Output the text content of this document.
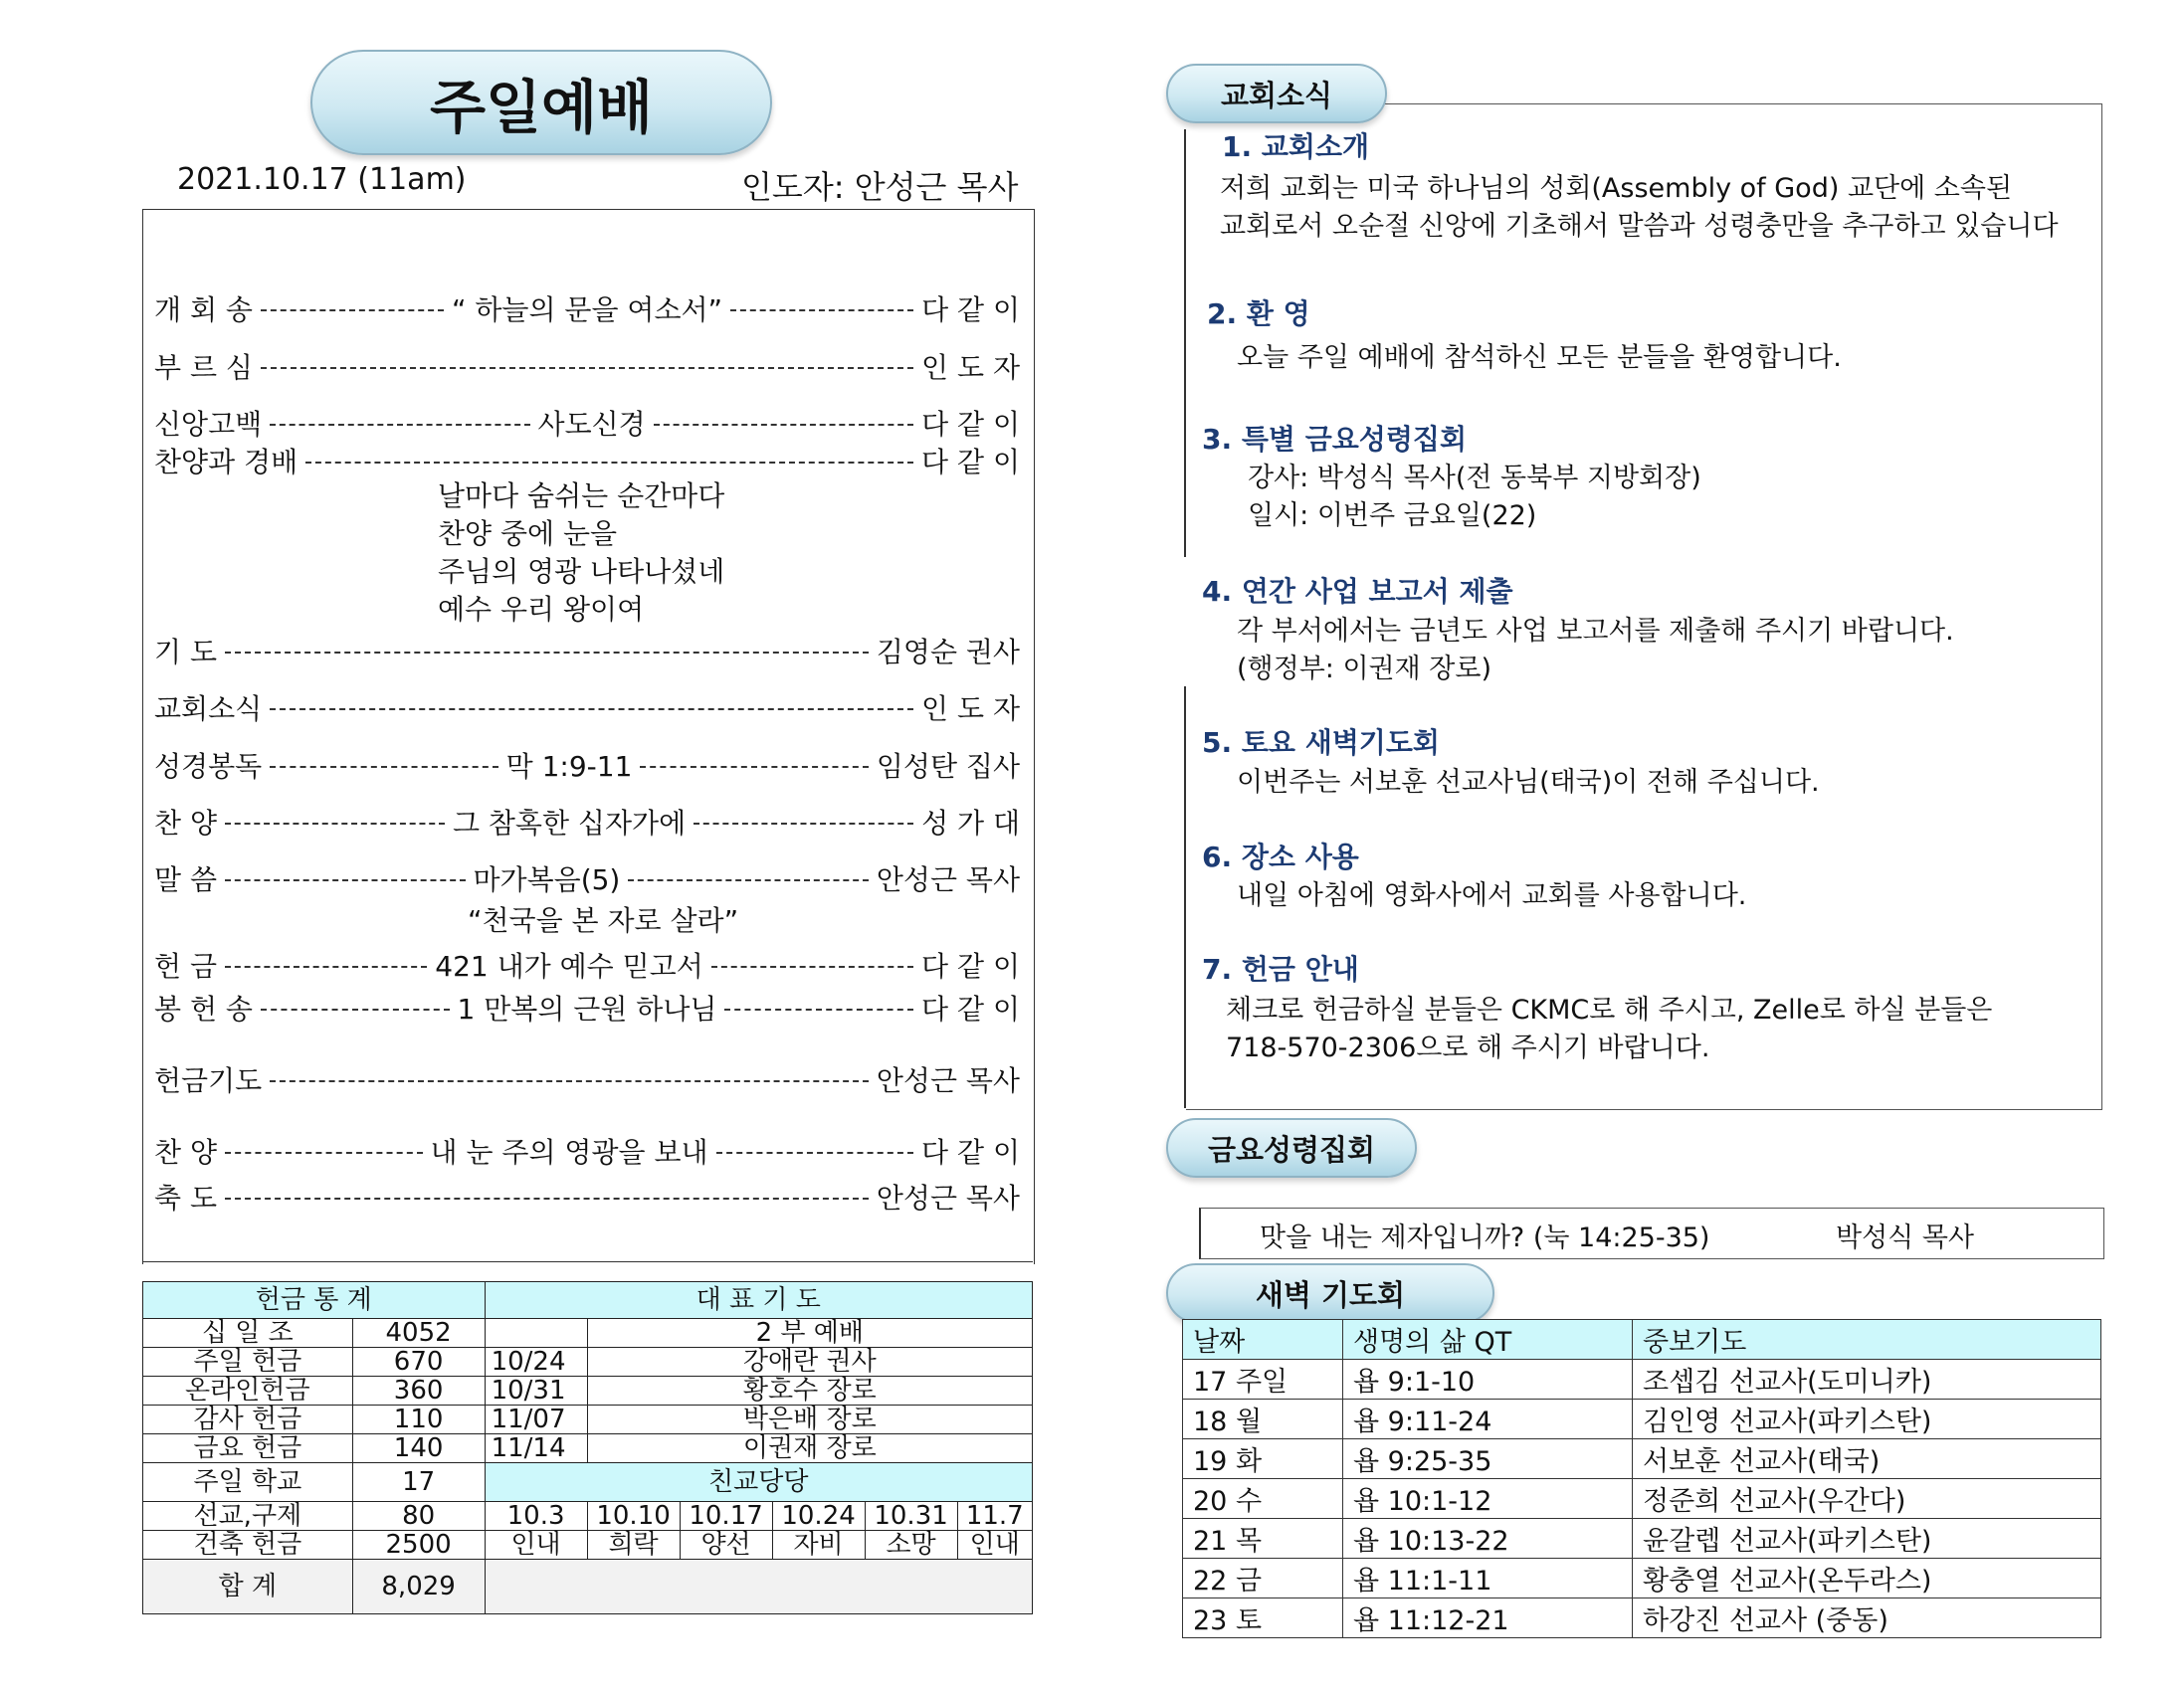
주일예배
2021.10.17 (11am)	인도자: 안성근 목사
개 회 송	“ 하늘의 문을 여소서”	다 같 이
부 르 심	인 도 자
신앙고백	사도신경	다 같 이
찬양과 경배	다 같 이
날마다 숨쉬는 순간마다
찬양 중에 눈을
주님의 영광 나타나셨네
예수 우리 왕이여
기 도	김영순 권사
교회소식	인 도 자
성경봉독	막 1:9-11	임성탄 집사
찬 양	그 참혹한 십자가에	성 가 대
말 씀	마가복음(5)	안성근 목사
“천국을 본 자로 살라”
헌 금	421 내가 예수 믿고서	다 같 이
봉 헌 송	1 만복의 근원 하나님	다 같 이
헌금기도	안성근 목사
찬 양	내 눈 주의 영광을 보내	다 같 이
축 도	안성근 목사
헌금 통 계		대 표 기 도					
십 일 조	4052		2 부 예배				
주일 헌금	670	10/24	강애란 권사				
온라인헌금	360	10/31	황호수 장로				
감사 헌금	110	11/07	박은배 장로				
금요 헌금	140	11/14	이권재 장로				
주일 학교	17	친교당당					
선교,구제	80	10.3	10.10	10.17	10.24	10.31	11.7
건축 헌금	2500	인내	희락	양선	자비	소망	인내
합 계	8,029						
교회소식
1. 교회소개
저희 교회는 미국 하나님의 성회(Assembly of God) 교단에 소속된
교회로서 오순절 신앙에 기초해서 말씀과 성령충만을 추구하고 있습니다
2. 환 영
오늘 주일 예배에 참석하신 모든 분들을 환영합니다.
3. 특별 금요성령집회
강사: 박성식 목사(전 동북부 지방회장)
일시: 이번주 금요일(22)
4. 연간 사업 보고서 제출
각 부서에서는 금년도 사업 보고서를 제출해 주시기 바랍니다.
(행정부: 이권재 장로)
5. 토요 새벽기도회
이번주는 서보훈 선교사님(태국)이 전해 주십니다.
6. 장소 사용
내일 아침에 영화사에서 교회를 사용합니다.
7. 헌금 안내
체크로 헌금하실 분들은 CKMC로 해 주시고, Zelle로 하실 분들은
718-570-2306으로 해 주시기 바랍니다.
금요성령집회
맛을 내는 제자입니까? (눅 14:25-35)	박성식 목사
새벽 기도회
날짜	생명의 삶 QT	중보기도
17 주일	욥 9:1-10	조셉김 선교사(도미니카)
18 월	욥 9:11-24	김인영 선교사(파키스탄)
19 화	욥 9:25-35	서보훈 선교사(태국)
20 수	욥 10:1-12	정준희 선교사(우간다)
21 목	욥 10:13-22	윤갈렙 선교사(파키스탄)
22 금	욥 11:1-11	황충열 선교사(온두라스)
23 토	욥 11:12-21	하강진 선교사 (중동)
